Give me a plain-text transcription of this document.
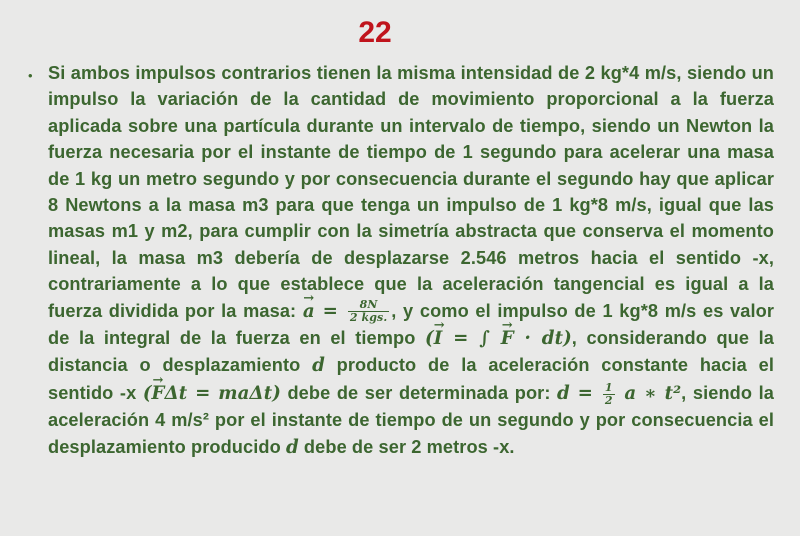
22
• Si ambos impulsos contrarios tienen la misma intensidad de 2 kg*4 m/s, siendo un impulso la variación de la cantidad de movimiento proporcional a la fuerza aplicada sobre una partícula durante un intervalo de tiempo, siendo un Newton la fuerza necesaria por el instante de tiempo de 1 segundo para acelerar una masa de 1 kg un metro segundo y por consecuencia durante el segundo hay que aplicar 8 Newtons a la masa m3 para que tenga un impulso de 1 kg*8 m/s, igual que las masas m1 y m2, para cumplir con la simetría abstracta que conserva el momento lineal, la masa m3 debería de desplazarse 2.546 metros hacia el sentido -x, contrariamente a lo que establece que la aceleración tangencial es igual a la fuerza dividida por la masa: → $a = \frac{8N}{\text{2 kgs.}}$ , y como el impulso de 1 kg*8 m/s es valor de la integral de la fuerza en el tiempo (→ I = ∫ → F · dt), considerando que la distancia o desplazamiento d producto de la aceleración constante hacia el sentido -x (→ FΔt = maΔt) debe de ser determinada por: $d = \frac{1}{2}$ a ∗ t², siendo la aceleración 4 m/s² por el instante de tiempo de un segundo y por consecuencia el desplazamiento producido d debe de ser 2 metros -x.
